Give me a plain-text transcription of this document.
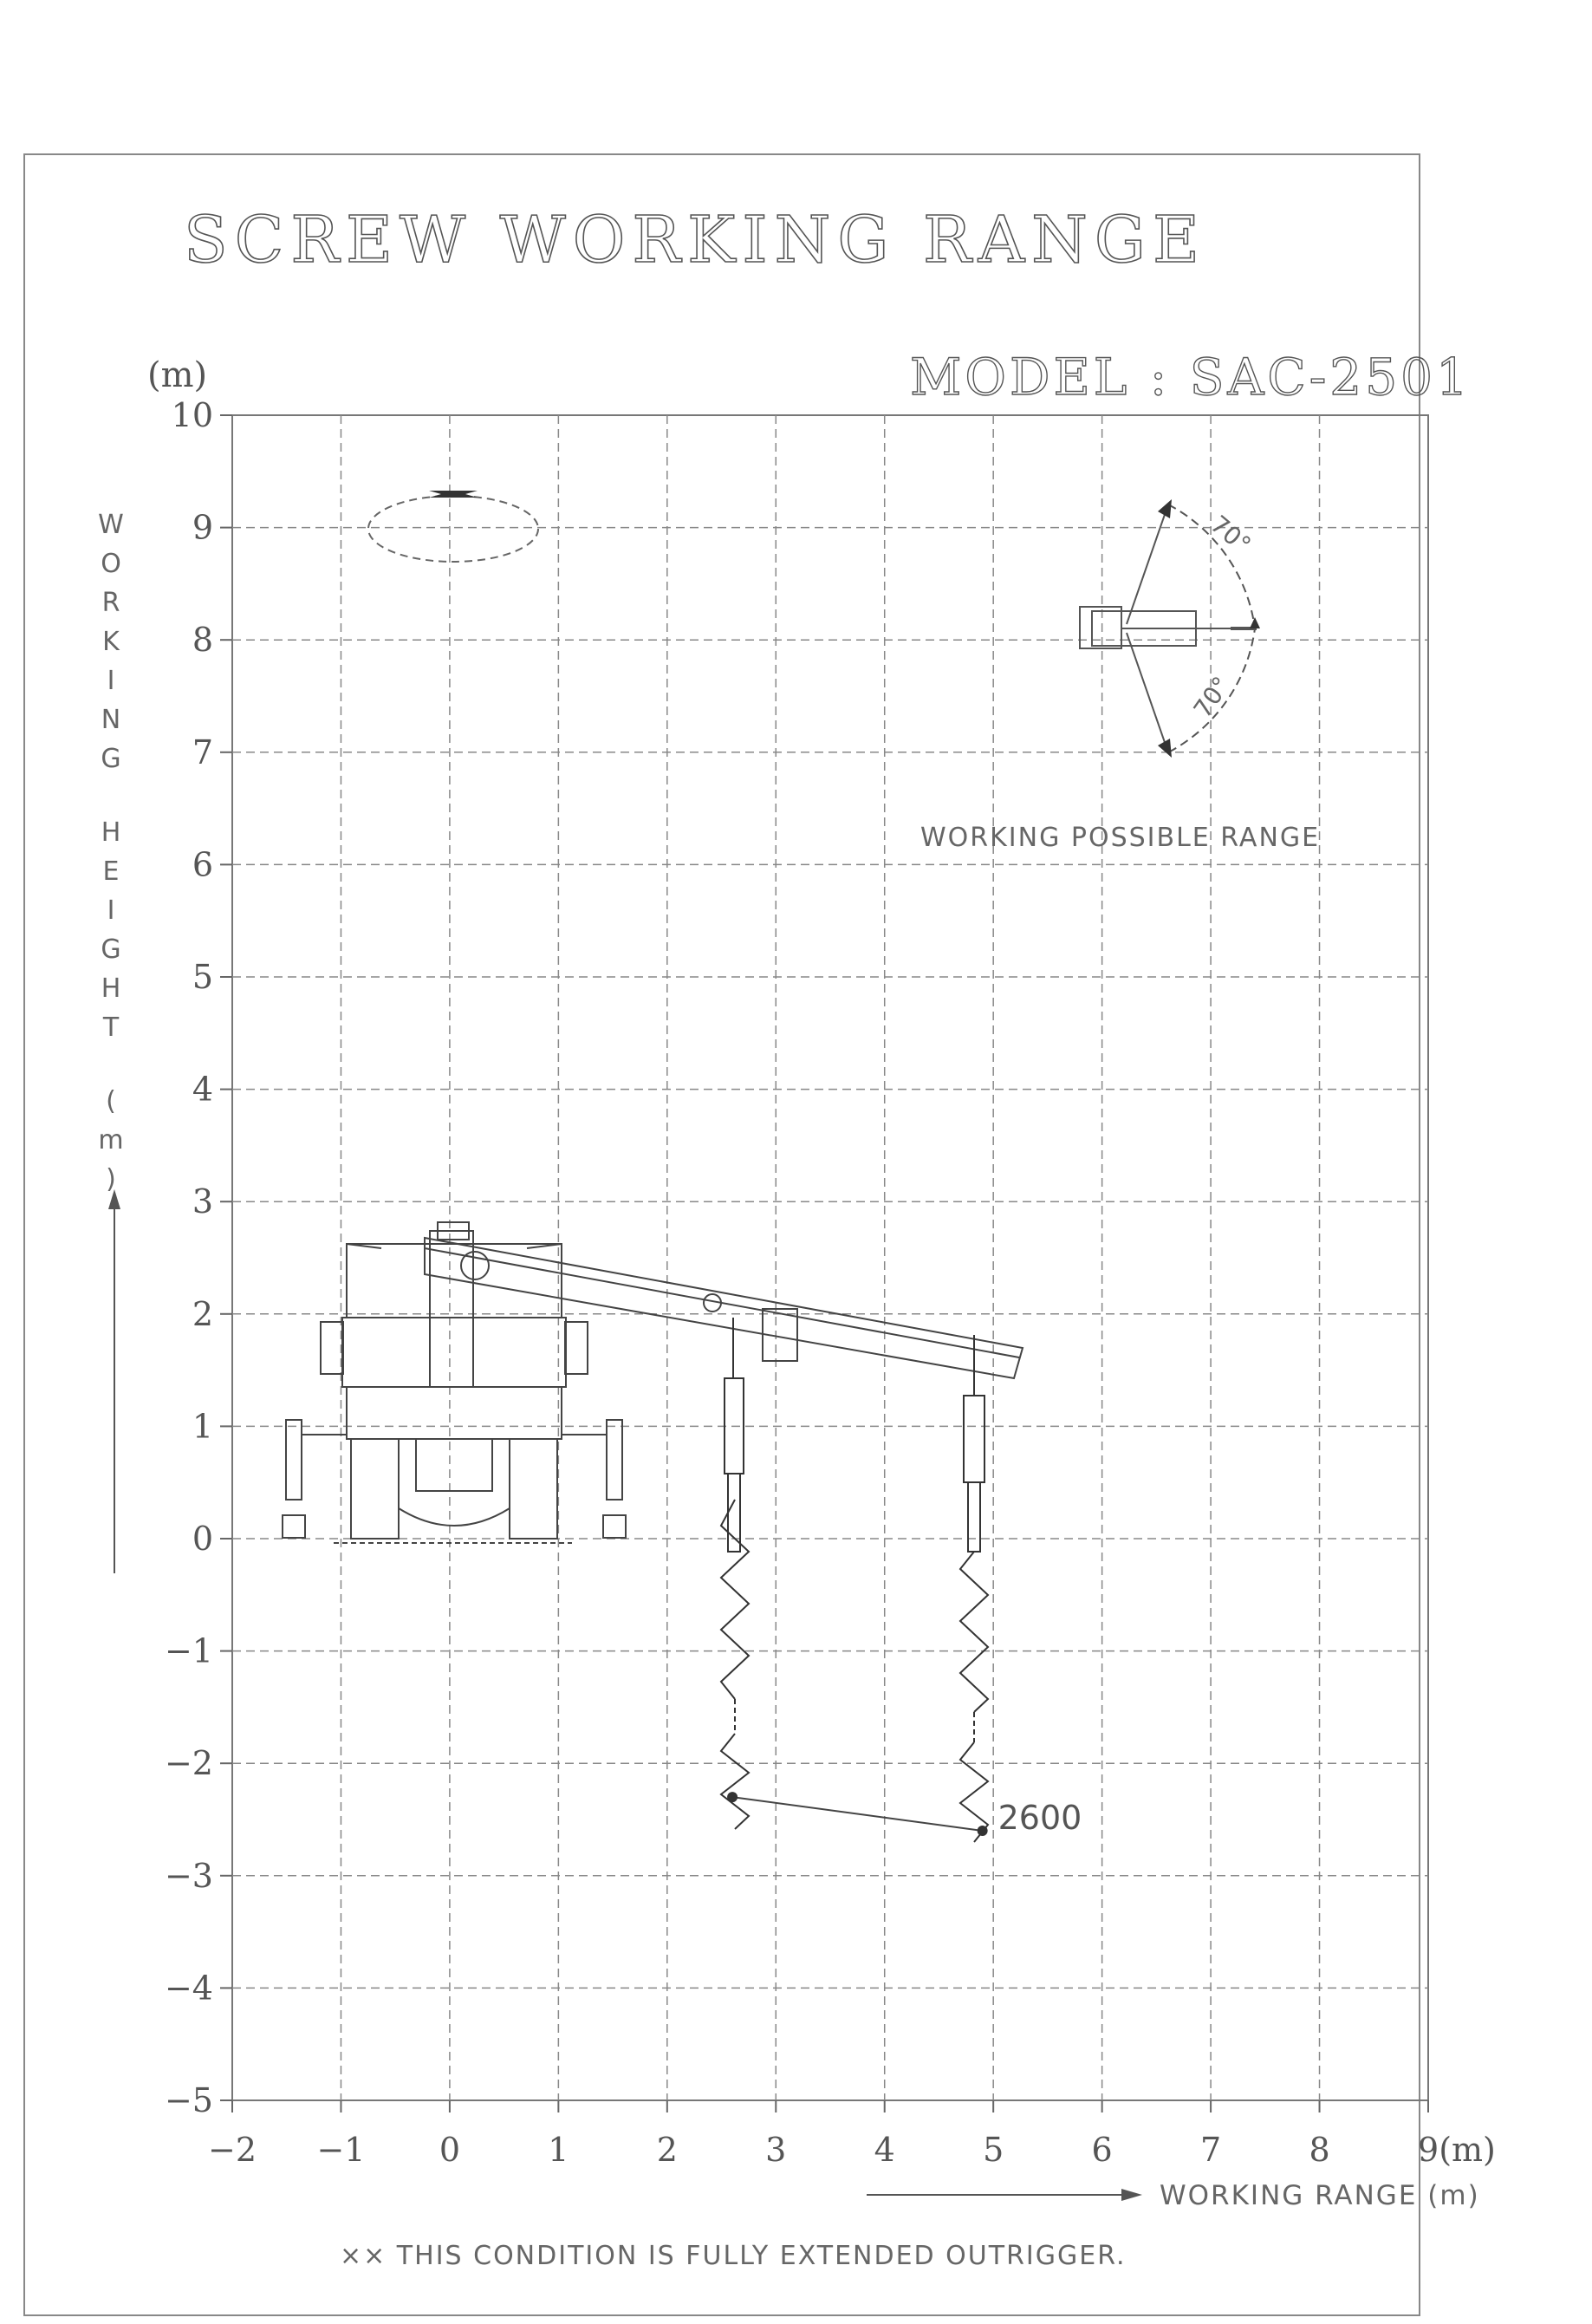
SCREW WORKING RANGE
MODEL : SAC-2501
10
9
8
7
6
5
4
3
2
1
0
−1
−2
−3
−4
−5
−2 −1 0	1	2	3	4	5	6	7	8	9(m)
(m)
W O R K I N G H E I G H T ( m )
WORKING RANGE (m)
70°
70°
WORKING POSSIBLE RANGE
2600
×× THIS CONDITION IS FULLY EXTENDED OUTRIGGER.
